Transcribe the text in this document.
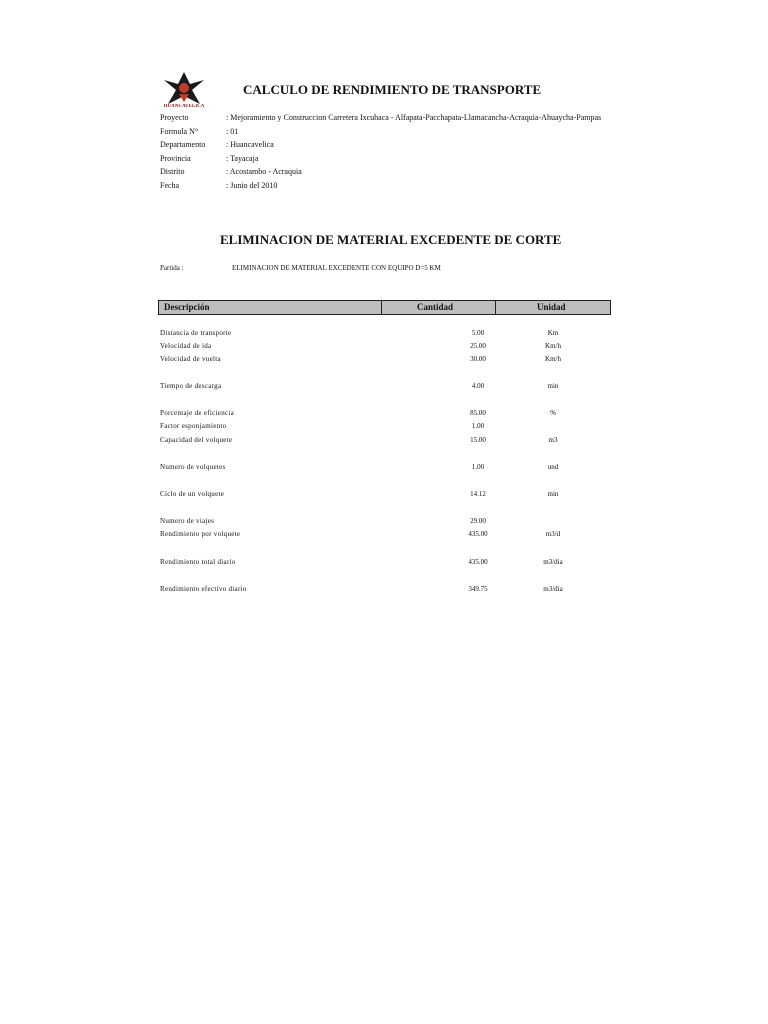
HUANCAVELICA
CALCULO DE RENDIMIENTO DE TRANSPORTE
Proyecto	: Mejoramiento y Construccion Carretera Ixcuhaca - Alfapata-Pacchapata-Llamacancha-Acraquia-Ahuaycha-Pampas
Formula N°	: 01
Departamento	: Huancavelica
Provincia	: Tayacaja
Distrito	: Acostambo - Acraquia
Fecha	: Junio del 2010
ELIMINACION DE MATERIAL EXCEDENTE DE CORTE
Partida :	ELIMINACION DE MATERIAL EXCEDENTE CON EQUIPO D=5 KM
Descripción	Cantidad	Unidad
Distancia de transporte	5.00	Km
Velocidad de ida	25.00	Km/h
Velocidad de vuelta	30.00	Km/h
Tiempo de descarga	4.00	min
Porcentaje de eficiencia	85.00	%
Factor esponjamiento	1.00
Capacidad del volquete	15.00	m3
Numero de volquetes	1.00	und
Ciclo de un volquete	14.12	min
Numero de viajes	29.00
Rendimiento por volquete	435.00	m3/d
Rendimiento total diario	435.00	m3/dia
Rendimiento efectivo diario	349.75	m3/dia
